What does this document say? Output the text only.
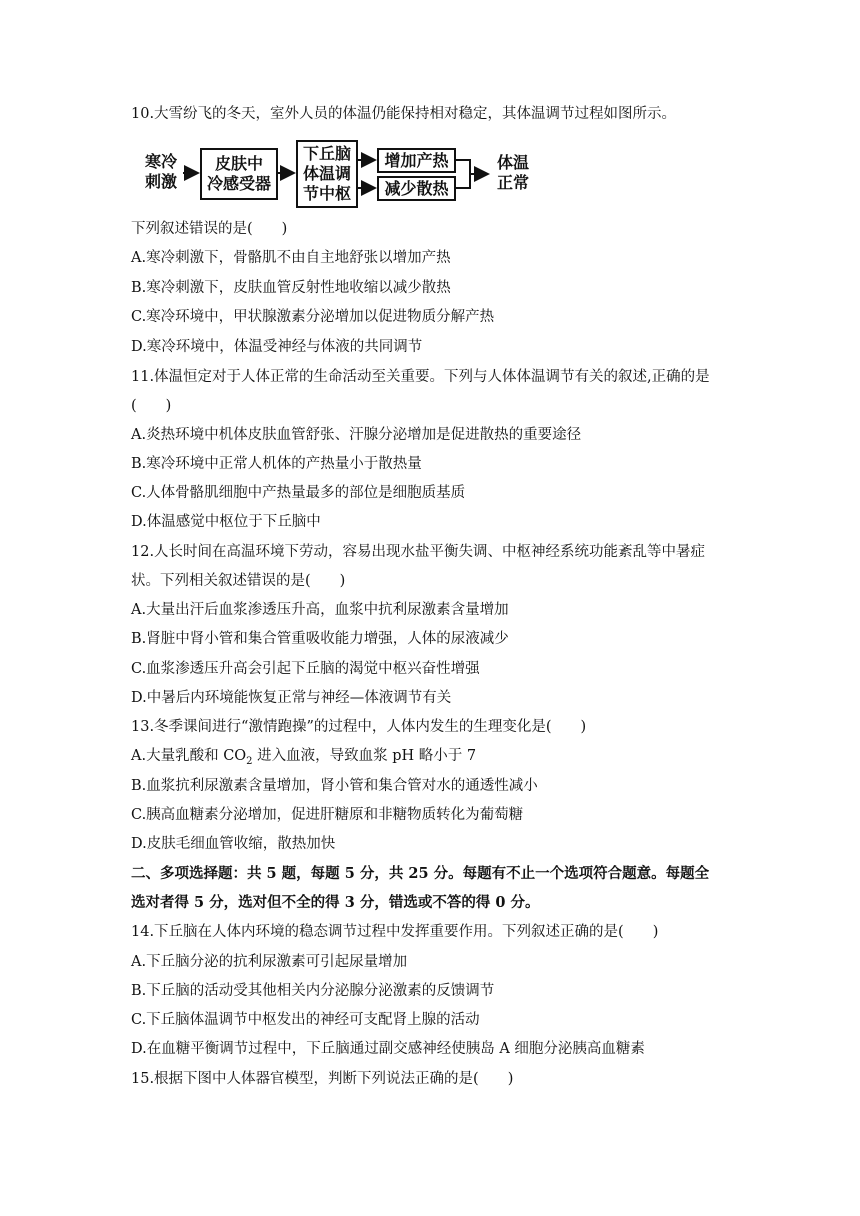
10.大雪纷飞的冬天，室外人员的体温仍能保持相对稳定，其体温调节过程如图所示。
寒冷
刺激
皮肤中
冷感受器
下丘脑
体温调
节中枢
增加产热
减少散热
体温
正常
下列叙述错误的是(　　)
A.寒冷刺激下，骨骼肌不由自主地舒张以增加产热
B.寒冷刺激下，皮肤血管反射性地收缩以减少散热
C.寒冷环境中，甲状腺激素分泌增加以促进物质分解产热
D.寒冷环境中，体温受神经与体液的共同调节
11.体温恒定对于人体正常的生命活动至关重要。下列与人体体温调节有关的叙述,正确的是
(　　)
A.炎热环境中机体皮肤血管舒张、汗腺分泌增加是促进散热的重要途径
B.寒冷环境中正常人机体的产热量小于散热量
C.人体骨骼肌细胞中产热量最多的部位是细胞质基质
D.体温感觉中枢位于下丘脑中
12.人长时间在高温环境下劳动，容易出现水盐平衡失调、中枢神经系统功能紊乱等中暑症
状。下列相关叙述错误的是(　　)
A.大量出汗后血浆渗透压升高，血浆中抗利尿激素含量增加
B.肾脏中肾小管和集合管重吸收能力增强，人体的尿液减少
C.血浆渗透压升高会引起下丘脑的渴觉中枢兴奋性增强
D.中暑后内环境能恢复正常与神经—体液调节有关
13.冬季课间进行“激情跑操”的过程中，人体内发生的生理变化是(　　)
A.大量乳酸和 $CO_2$ 进入血液，导致血浆 pH 略小于 7
B.血浆抗利尿激素含量增加，肾小管和集合管对水的通透性减小
C.胰高血糖素分泌增加，促进肝糖原和非糖物质转化为葡萄糖
D.皮肤毛细血管收缩，散热加快
二、多项选择题：共 5 题，每题 5 分，共 25 分。每题有不止一个选项符合题意。每题全
选对者得 5 分，选对但不全的得 3 分，错选或不答的得 0 分。
14.下丘脑在人体内环境的稳态调节过程中发挥重要作用。下列叙述正确的是(　　)
A.下丘脑分泌的抗利尿激素可引起尿量增加
B.下丘脑的活动受其他相关内分泌腺分泌激素的反馈调节
C.下丘脑体温调节中枢发出的神经可支配肾上腺的活动
D.在血糖平衡调节过程中，下丘脑通过副交感神经使胰岛 A 细胞分泌胰高血糖素
15.根据下图中人体器官模型，判断下列说法正确的是(　　)
